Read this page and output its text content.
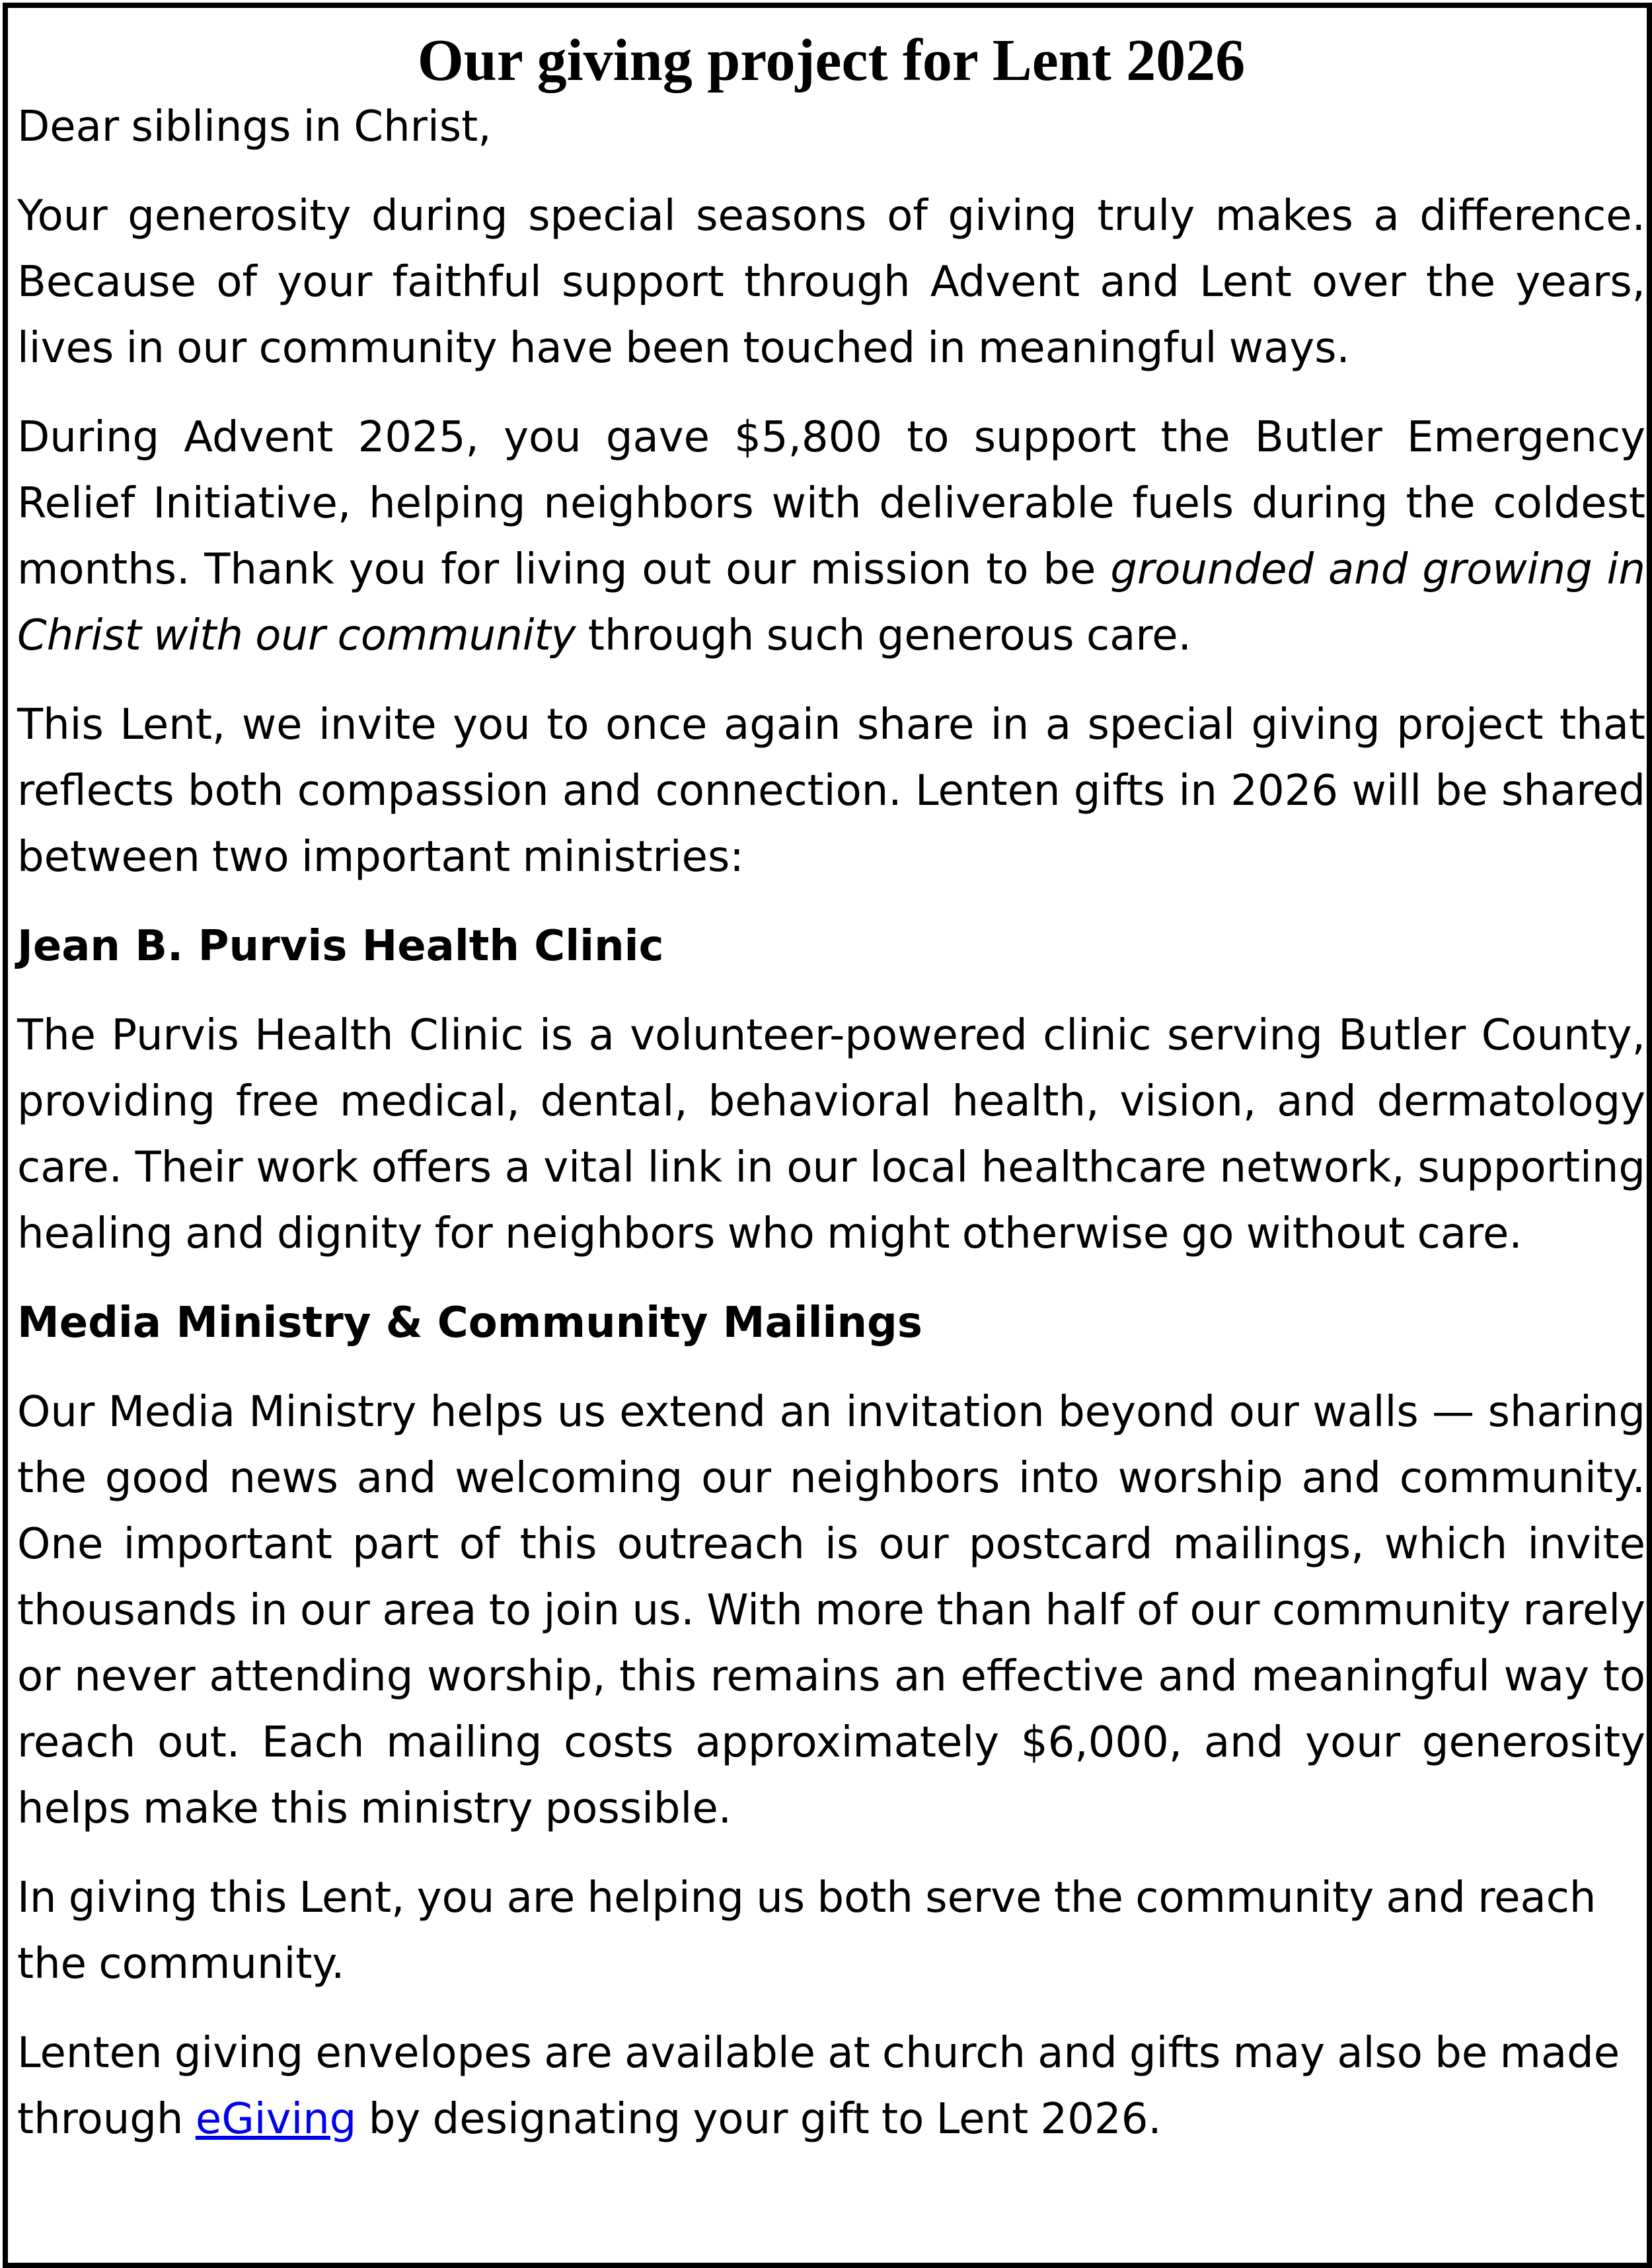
Our giving project for Lent 2026

Dear siblings in Christ,

Your generosity during special seasons of giving truly makes a difference. Because of your faithful support through Advent and Lent over the years, lives in our community have been touched in meaningful ways.

During Advent 2025, you gave $5,800 to support the Butler Emergency Relief Initiative, helping neighbors with deliverable fuels during the coldest months. Thank you for living out our mission to be grounded and growing in Christ with our community through such generous care.

This Lent, we invite you to once again share in a special giving project that reflects both compassion and connection. Lenten gifts in 2026 will be shared between two important ministries:

Jean B. Purvis Health Clinic

The Purvis Health Clinic is a volunteer-powered clinic serving Butler County, providing free medical, dental, behavioral health, vision, and dermatology care. Their work offers a vital link in our local healthcare network, supporting healing and dignity for neighbors who might otherwise go without care.

Media Ministry & Community Mailings

Our Media Ministry helps us extend an invitation beyond our walls — sharing the good news and welcoming our neighbors into worship and community. One important part of this outreach is our postcard mailings, which invite thousands in our area to join us. With more than half of our community rarely or never attending worship, this remains an effective and meaningful way to reach out. Each mailing costs approximately $6,000, and your generosity helps make this ministry possible.

In giving this Lent, you are helping us both serve the community and reach the community.

Lenten giving envelopes are available at church and gifts may also be made
through eGiving by designating your gift to Lent 2026.
